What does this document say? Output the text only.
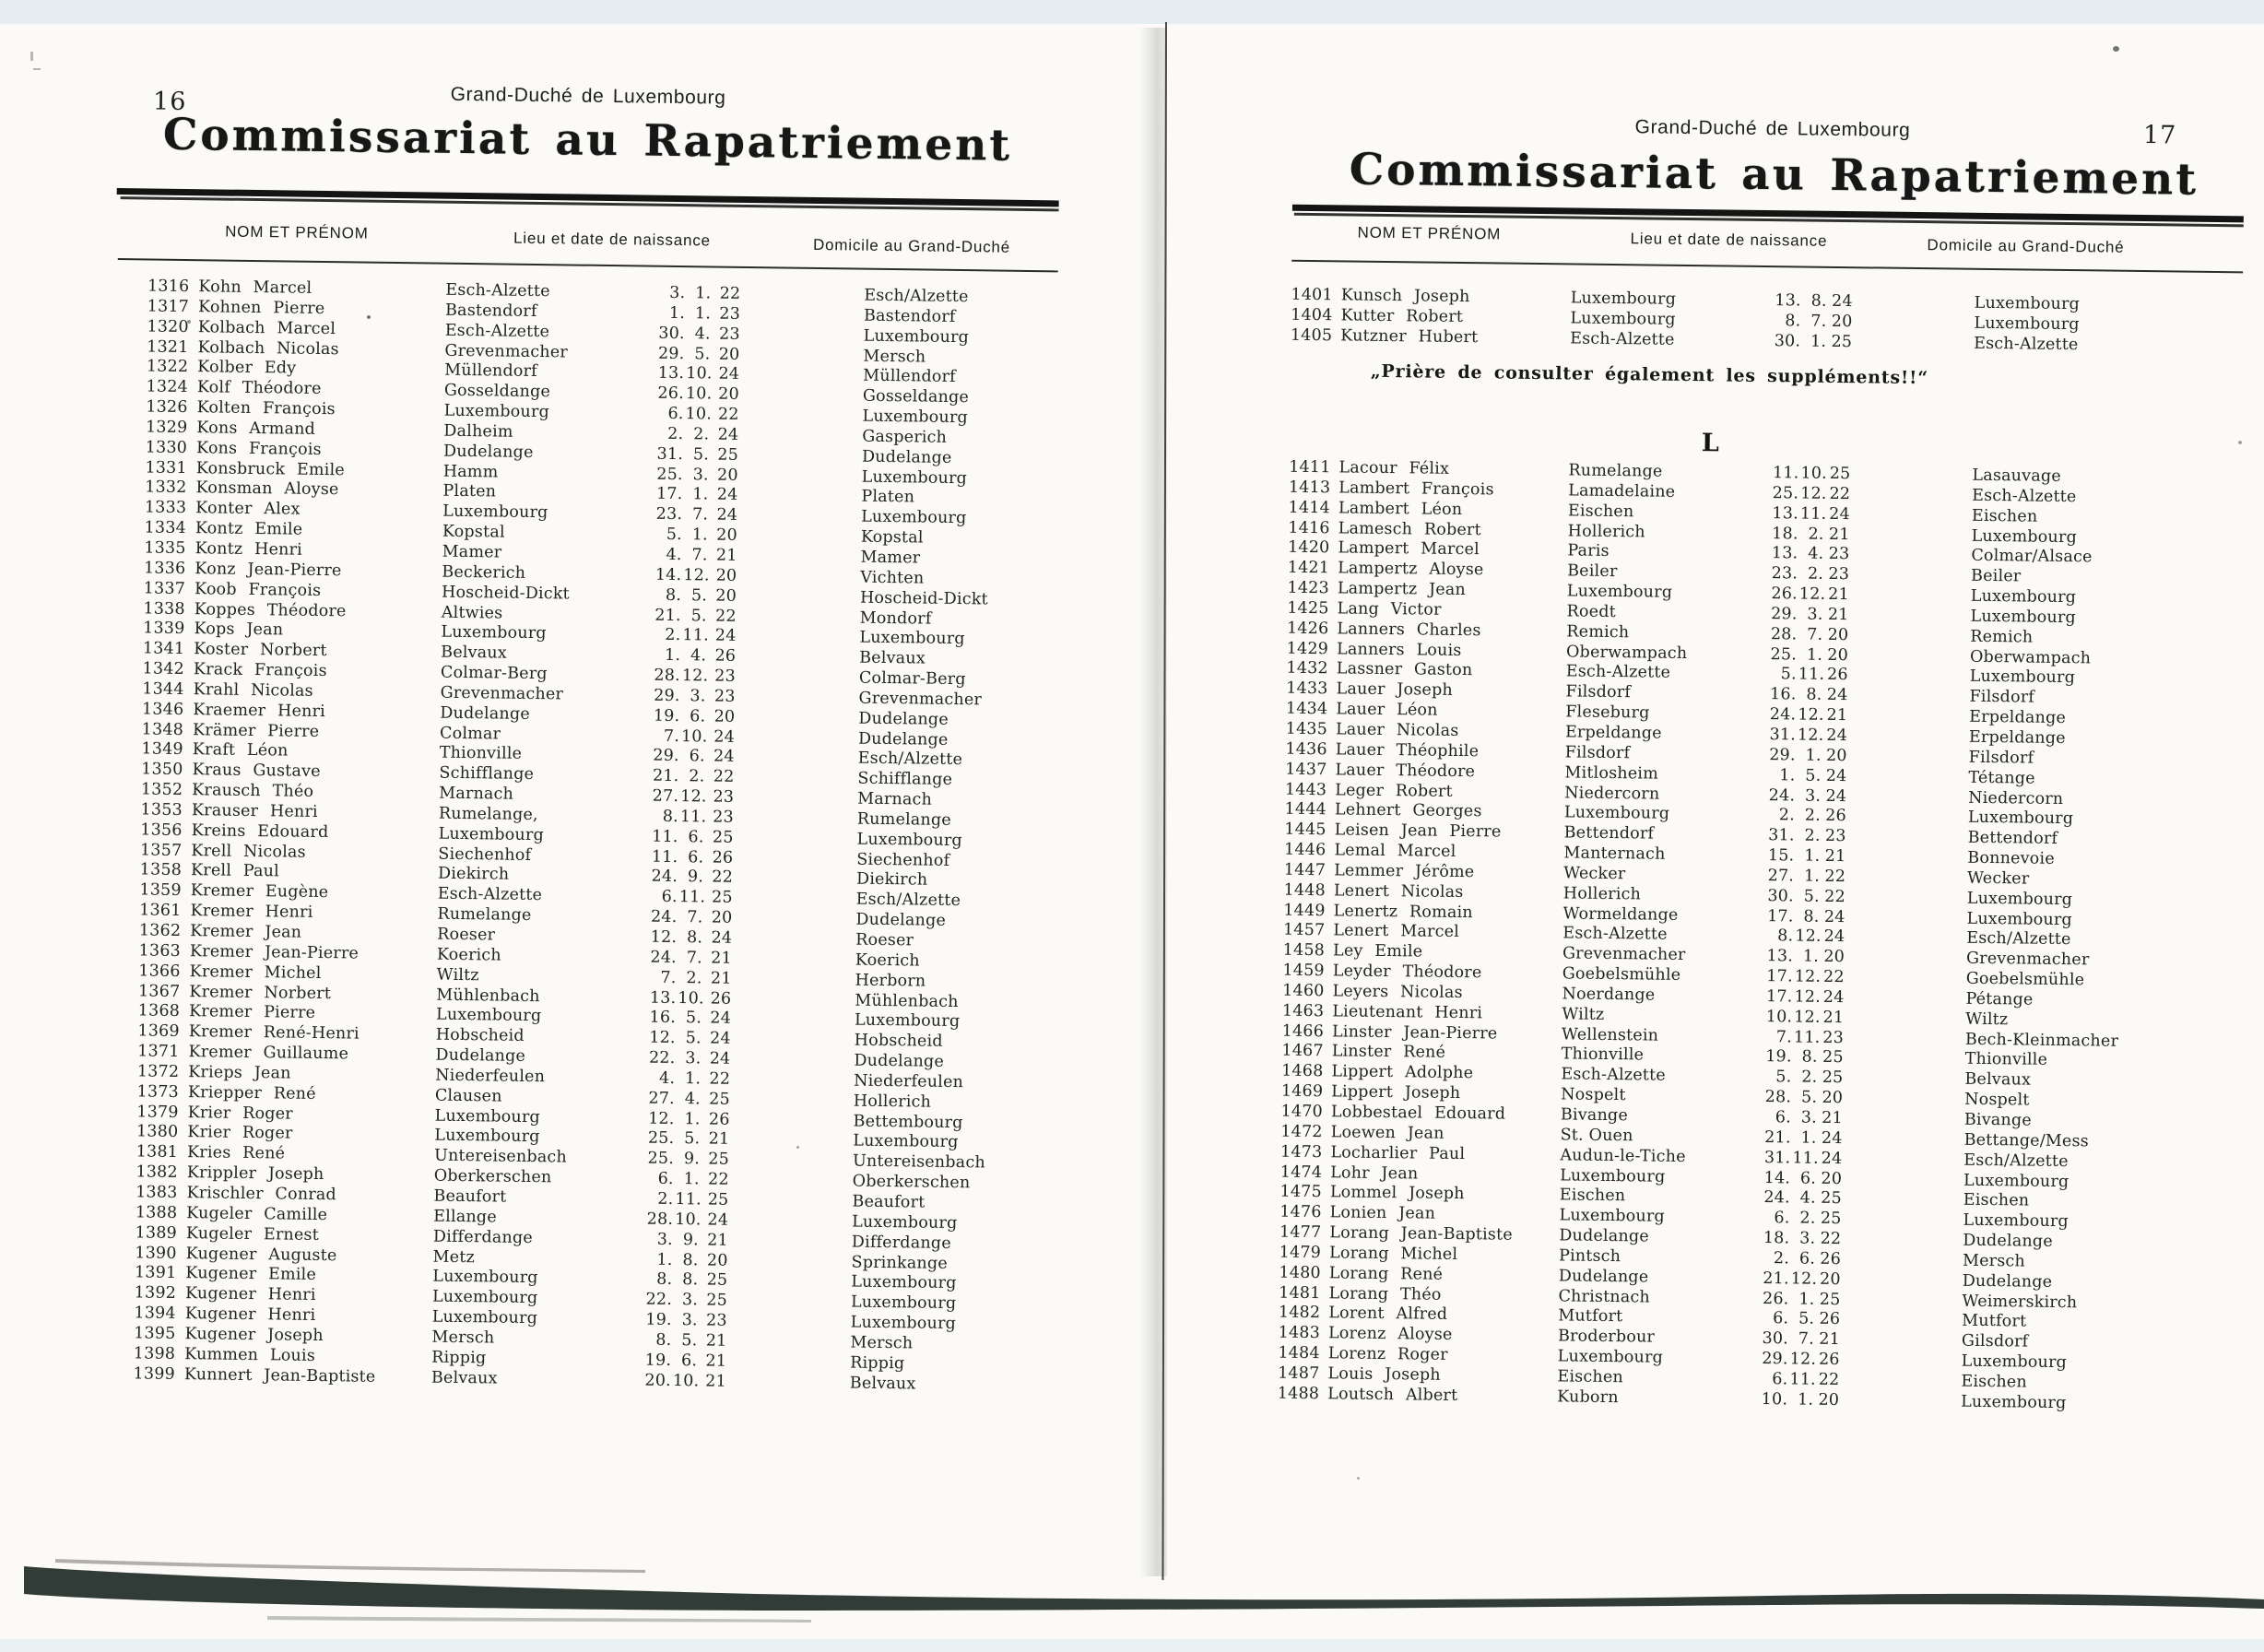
16	Grand-Duché de Luxembourg
Commissariat au Rapatriement
NOM ET PRÉNOM	Lieu et date de naissance	Domicile au Grand-Duché
1316 Kohn Marcel	Esch-Alzette	3. 1. 22	Esch/Alzette
1317 Kohnen Pierre	Bastendorf	1. 1. 23	Bastendorf
1320 Kolbach Marcel	Esch-Alzette	30. 4. 23	Luxembourg
1321 Kolbach Nicolas	Grevenmacher	29. 5. 20	Mersch
1322 Kolber Edy	Müllendorf	13. 10. 24	Müllendorf
1324 Kolf Théodore	Gosseldange	26. 10. 20	Gosseldange
1326 Kolten François	Luxembourg	6. 10. 22	Luxembourg
1329 Kons Armand	Dalheim	2. 2. 24	Gasperich
1330 Kons François	Dudelange	31. 5. 25	Dudelange
1331 Konsbruck Emile	Hamm	25. 3. 20	Luxembourg
1332 Konsman Aloyse	Platen	17. 1. 24	Platen
1333 Konter Alex	Luxembourg	23. 7. 24	Luxembourg
1334 Kontz Emile	Kopstal	5. 1. 20	Kopstal
1335 Kontz Henri	Mamer	4. 7. 21	Mamer
1336 Konz Jean-Pierre	Beckerich	14. 12. 20	Vichten
1337 Koob François	Hoscheid-Dickt	8. 5. 20	Hoscheid-Dickt
1338 Koppes Théodore	Altwies	21. 5. 22	Mondorf
1339 Kops Jean	Luxembourg	2. 11. 24	Luxembourg
1341 Koster Norbert	Belvaux	1. 4. 26	Belvaux
1342 Krack François	Colmar-Berg	28. 12. 23	Colmar-Berg
1344 Krahl Nicolas	Grevenmacher	29. 3. 23	Grevenmacher
1346 Kraemer Henri	Dudelange	19. 6. 20	Dudelange
1348 Krämer Pierre	Colmar	7. 10. 24	Dudelange
1349 Kraft Léon	Thionville	29. 6. 24	Esch/Alzette
1350 Kraus Gustave	Schifflange	21. 2. 22	Schifflange
1352 Krausch Théo	Marnach	27. 12. 23	Marnach
1353 Krauser Henri	Rumelange,	8. 11. 23	Rumelange
1356 Kreins Edouard	Luxembourg	11. 6. 25	Luxembourg
1357 Krell Nicolas	Siechenhof	11. 6. 26	Siechenhof
1358 Krell Paul	Diekirch	24. 9. 22	Diekirch
1359 Kremer Eugène	Esch-Alzette	6. 11. 25	Esch/Alzette
1361 Kremer Henri	Rumelange	24. 7. 20	Dudelange
1362 Kremer Jean	Roeser	12. 8. 24	Roeser
1363 Kremer Jean-Pierre	Koerich	24. 7. 21	Koerich
1366 Kremer Michel	Wiltz	7. 2. 21	Herborn
1367 Kremer Norbert	Mühlenbach	13. 10. 26	Mühlenbach
1368 Kremer Pierre	Luxembourg	16. 5. 24	Luxembourg
1369 Kremer René-Henri	Hobscheid	12. 5. 24	Hobscheid
1371 Kremer Guillaume	Dudelange	22. 3. 24	Dudelange
1372 Krieps Jean	Niederfeulen	4. 1. 22	Niederfeulen
1373 Kriepper René	Clausen	27. 4. 25	Hollerich
1379 Krier Roger	Luxembourg	12. 1. 26	Bettembourg
1380 Krier Roger	Luxembourg	25. 5. 21	Luxembourg
1381 Kries René	Untereisenbach	25. 9. 25	Untereisenbach
1382 Krippler Joseph	Oberkerschen	6. 1. 22	Oberkerschen
1383 Krischler Conrad	Beaufort	2. 11. 25	Beaufort
1388 Kugeler Camille	Ellange	28. 10. 24	Luxembourg
1389 Kugeler Ernest	Differdange	3. 9. 21	Differdange
1390 Kugener Auguste	Metz	1. 8. 20	Sprinkange
1391 Kugener Emile	Luxembourg	8. 8. 25	Luxembourg
1392 Kugener Henri	Luxembourg	22. 3. 25	Luxembourg
1394 Kugener Henri	Luxembourg	19. 3. 23	Luxembourg
1395 Kugener Joseph	Mersch	8. 5. 21	Mersch
1398 Kummen Louis	Rippig	19. 6. 21	Rippig
1399 Kunnert Jean-Baptiste	Belvaux	20. 10. 21	Belvaux
17
Grand-Duché de Luxembourg
Commissariat au Rapatriement
NOM ET PRÉNOM	Lieu et date de naissance	Domicile au Grand-Duché
1401 Kunsch Joseph	Luxembourg	13. 8. 24	Luxembourg
1404 Kutter Robert	Luxembourg	8. 7. 20	Luxembourg
1405 Kutzner Hubert	Esch-Alzette	30. 1. 25	Esch-Alzette
„Prière de consulter également les suppléments!!“
L
1411 Lacour Félix	Rumelange	11. 10. 25	Lasauvage
1413 Lambert François	Lamadelaine	25. 12. 22	Esch-Alzette
1414 Lambert Léon	Eischen	13. 11. 24	Eischen
1416 Lamesch Robert	Hollerich	18. 2. 21	Luxembourg
1420 Lampert Marcel	Paris	13. 4. 23	Colmar/Alsace
1421 Lampertz Aloyse	Beiler	23. 2. 23	Beiler
1423 Lampertz Jean	Luxembourg	26. 12. 21	Luxembourg
1425 Lang Victor	Roedt	29. 3. 21	Luxembourg
1426 Lanners Charles	Remich	28. 7. 20	Remich
1429 Lanners Louis	Oberwampach	25. 1. 20	Oberwampach
1432 Lassner Gaston	Esch-Alzette	5. 11. 26	Luxembourg
1433 Lauer Joseph	Filsdorf	16. 8. 24	Filsdorf
1434 Lauer Léon	Fleseburg	24. 12. 21	Erpeldange
1435 Lauer Nicolas	Erpeldange	31. 12. 24	Erpeldange
1436 Lauer Théophile	Filsdorf	29. 1. 20	Filsdorf
1437 Lauer Théodore	Mitlosheim	1. 5. 24	Tétange
1443 Leger Robert	Niedercorn	24. 3. 24	Niedercorn
1444 Lehnert Georges	Luxembourg	2. 2. 26	Luxembourg
1445 Leisen Jean Pierre	Bettendorf	31. 2. 23	Bettendorf
1446 Lemal Marcel	Manternach	15. 1. 21	Bonnevoie
1447 Lemmer Jérôme	Wecker	27. 1. 22	Wecker
1448 Lenert Nicolas	Hollerich	30. 5. 22	Luxembourg
1449 Lenertz Romain	Wormeldange	17. 8. 24	Luxembourg
1457 Lenert Marcel	Esch-Alzette	8. 12. 24	Esch/Alzette
1458 Ley Emile	Grevenmacher	13. 1. 20	Grevenmacher
1459 Leyder Théodore	Goebelsmühle	17. 12. 22	Goebelsmühle
1460 Leyers Nicolas	Noerdange	17. 12. 24	Pétange
1463 Lieutenant Henri	Wiltz	10. 12. 21	Wiltz
1466 Linster Jean-Pierre	Wellenstein	7. 11. 23	Bech-Kleinmacher
1467 Linster René	Thionville	19. 8. 25	Thionville
1468 Lippert Adolphe	Esch-Alzette	5. 2. 25	Belvaux
1469 Lippert Joseph	Nospelt	28. 5. 20	Nospelt
1470 Lobbestael Edouard	Bivange	6. 3. 21	Bivange
1472 Loewen Jean	St. Ouen	21. 1. 24	Bettange/Mess
1473 Locharlier Paul	Audun-le-Tiche	31. 11. 24	Esch/Alzette
1474 Lohr Jean	Luxembourg	14. 6. 20	Luxembourg
1475 Lommel Joseph	Eischen	24. 4. 25	Eischen
1476 Lonien Jean	Luxembourg	6. 2. 25	Luxembourg
1477 Lorang Jean-Baptiste	Dudelange	18. 3. 22	Dudelange
1479 Lorang Michel	Pintsch	2. 6. 26	Mersch
1480 Lorang René	Dudelange	21. 12. 20	Dudelange
1481 Lorang Théo	Christnach	26. 1. 25	Weimerskirch
1482 Lorent Alfred	Mutfort	6. 5. 26	Mutfort
1483 Lorenz Aloyse	Broderbour	30. 7. 21	Gilsdorf
1484 Lorenz Roger	Luxembourg	29. 12. 26	Luxembourg
1487 Louis Joseph	Eischen	6. 11. 22	Eischen
1488 Loutsch Albert	Kuborn	10. 1. 20	Luxembourg
